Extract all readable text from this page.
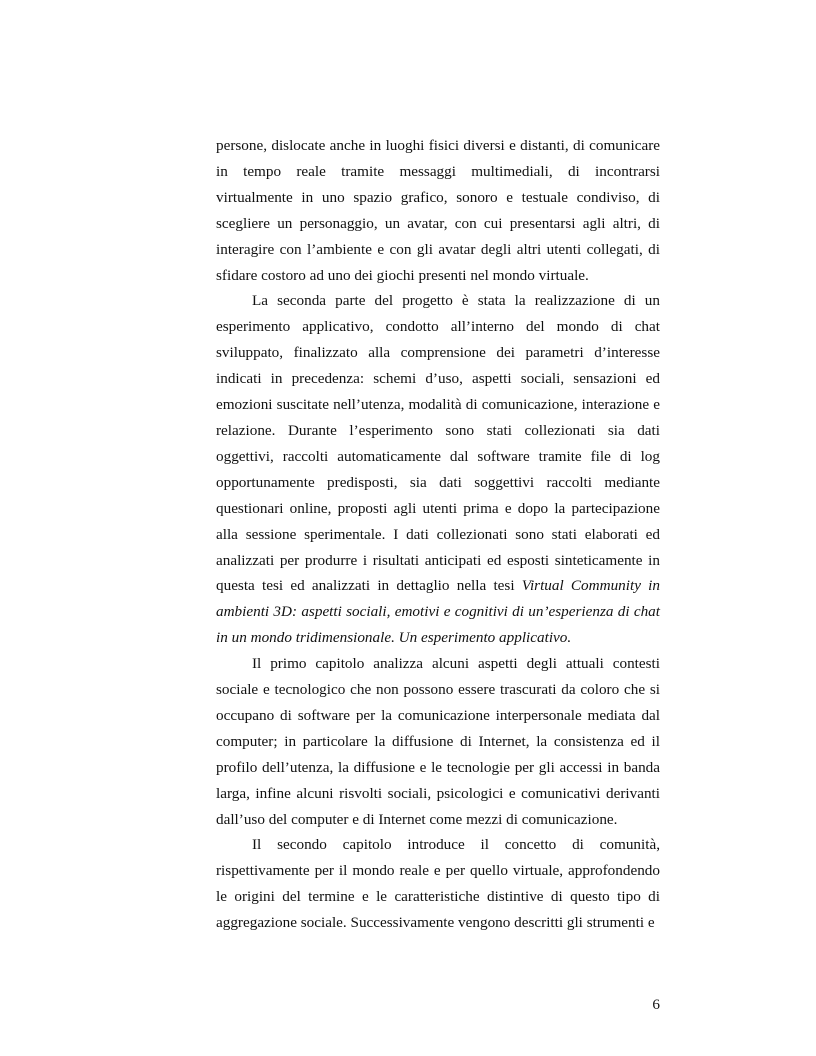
persone, dislocate anche in luoghi fisici diversi e distanti, di comunicare in tempo reale tramite messaggi multimediali, di incontrarsi virtualmente in uno spazio grafico, sonoro e testuale condiviso, di scegliere un personaggio, un avatar, con cui presentarsi agli altri, di interagire con l’ambiente e con gli avatar degli altri utenti collegati, di sfidare costoro ad uno dei giochi presenti nel mondo virtuale.

La seconda parte del progetto è stata la realizzazione di un esperimento applicativo, condotto all’interno del mondo di chat sviluppato, finalizzato alla comprensione dei parametri d’interesse indicati in precedenza: schemi d’uso, aspetti sociali, sensazioni ed emozioni suscitate nell’utenza, modalità di comunicazione, interazione e relazione. Durante l’esperimento sono stati collezionati sia dati oggettivi, raccolti automaticamente dal software tramite file di log opportunamente predisposti, sia dati soggettivi raccolti mediante questionari online, proposti agli utenti prima e dopo la partecipazione alla sessione sperimentale. I dati collezionati sono stati elaborati ed analizzati per produrre i risultati anticipati ed esposti sinteticamente in questa tesi ed analizzati in dettaglio nella tesi Virtual Community in ambienti 3D: aspetti sociali, emotivi e cognitivi di un’esperienza di chat in un mondo tridimensionale. Un esperimento applicativo.

Il primo capitolo analizza alcuni aspetti degli attuali contesti sociale e tecnologico che non possono essere trascurati da coloro che si occupano di software per la comunicazione interpersonale mediata dal computer; in particolare la diffusione di Internet, la consistenza ed il profilo dell’utenza, la diffusione e le tecnologie per gli accessi in banda larga, infine alcuni risvolti sociali, psicologici e comunicativi derivanti dall’uso del computer e di Internet come mezzi di comunicazione.

Il secondo capitolo introduce il concetto di comunità, rispettivamente per il mondo reale e per quello virtuale, approfondendo le origini del termine e le caratteristiche distintive di questo tipo di aggregazione sociale. Successivamente vengono descritti gli strumenti e

6
